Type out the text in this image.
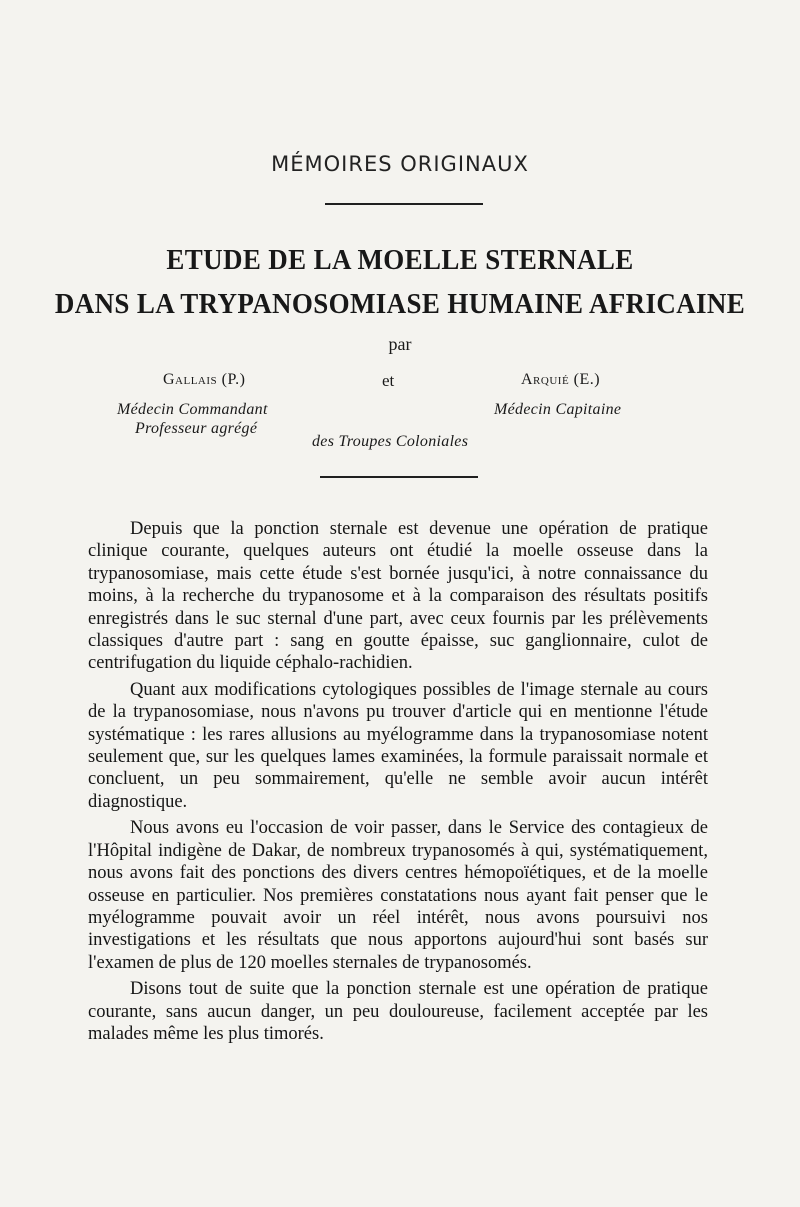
MÉMOIRES ORIGINAUX
ETUDE DE LA MOELLE STERNALE
DANS LA TRYPANOSOMIASE HUMAINE AFRICAINE
par
Gallais (P.)	et	Arquié (E.)
Médecin Commandant
Professeur agrégé
Médecin Capitaine
des Troupes Coloniales

Depuis que la ponction sternale est devenue une opération de pratique clinique courante, quelques auteurs ont étudié la moelle osseuse dans la trypanosomiase, mais cette étude s'est bornée jusqu'ici, à notre connaissance du moins, à la recherche du trypanosome et à la comparaison des résultats positifs enregistrés dans le suc sternal d'une part, avec ceux fournis par les prélèvements classiques d'autre part : sang en goutte épaisse, suc ganglionnaire, culot de centrifugation du liquide céphalo-rachidien.

Quant aux modifications cytologiques possibles de l'image sternale au cours de la trypanosomiase, nous n'avons pu trouver d'article qui en mentionne l'étude systématique : les rares allusions au myélogramme dans la trypanosomiase notent seulement que, sur les quelques lames examinées, la formule paraissait normale et concluent, un peu sommairement, qu'elle ne semble avoir aucun intérêt diagnostique.

Nous avons eu l'occasion de voir passer, dans le Service des contagieux de l'Hôpital indigène de Dakar, de nombreux trypanosomés à qui, systématiquement, nous avons fait des ponctions des divers centres hémopoïétiques, et de la moelle osseuse en particulier. Nos premières constatations nous ayant fait penser que le myélogramme pouvait avoir un réel intérêt, nous avons poursuivi nos investigations et les résultats que nous apportons aujourd'hui sont basés sur l'examen de plus de 120 moelles sternales de trypanosomés.

Disons tout de suite que la ponction sternale est une opération de pratique courante, sans aucun danger, un peu douloureuse, facilement acceptée par les malades même les plus timorés.
